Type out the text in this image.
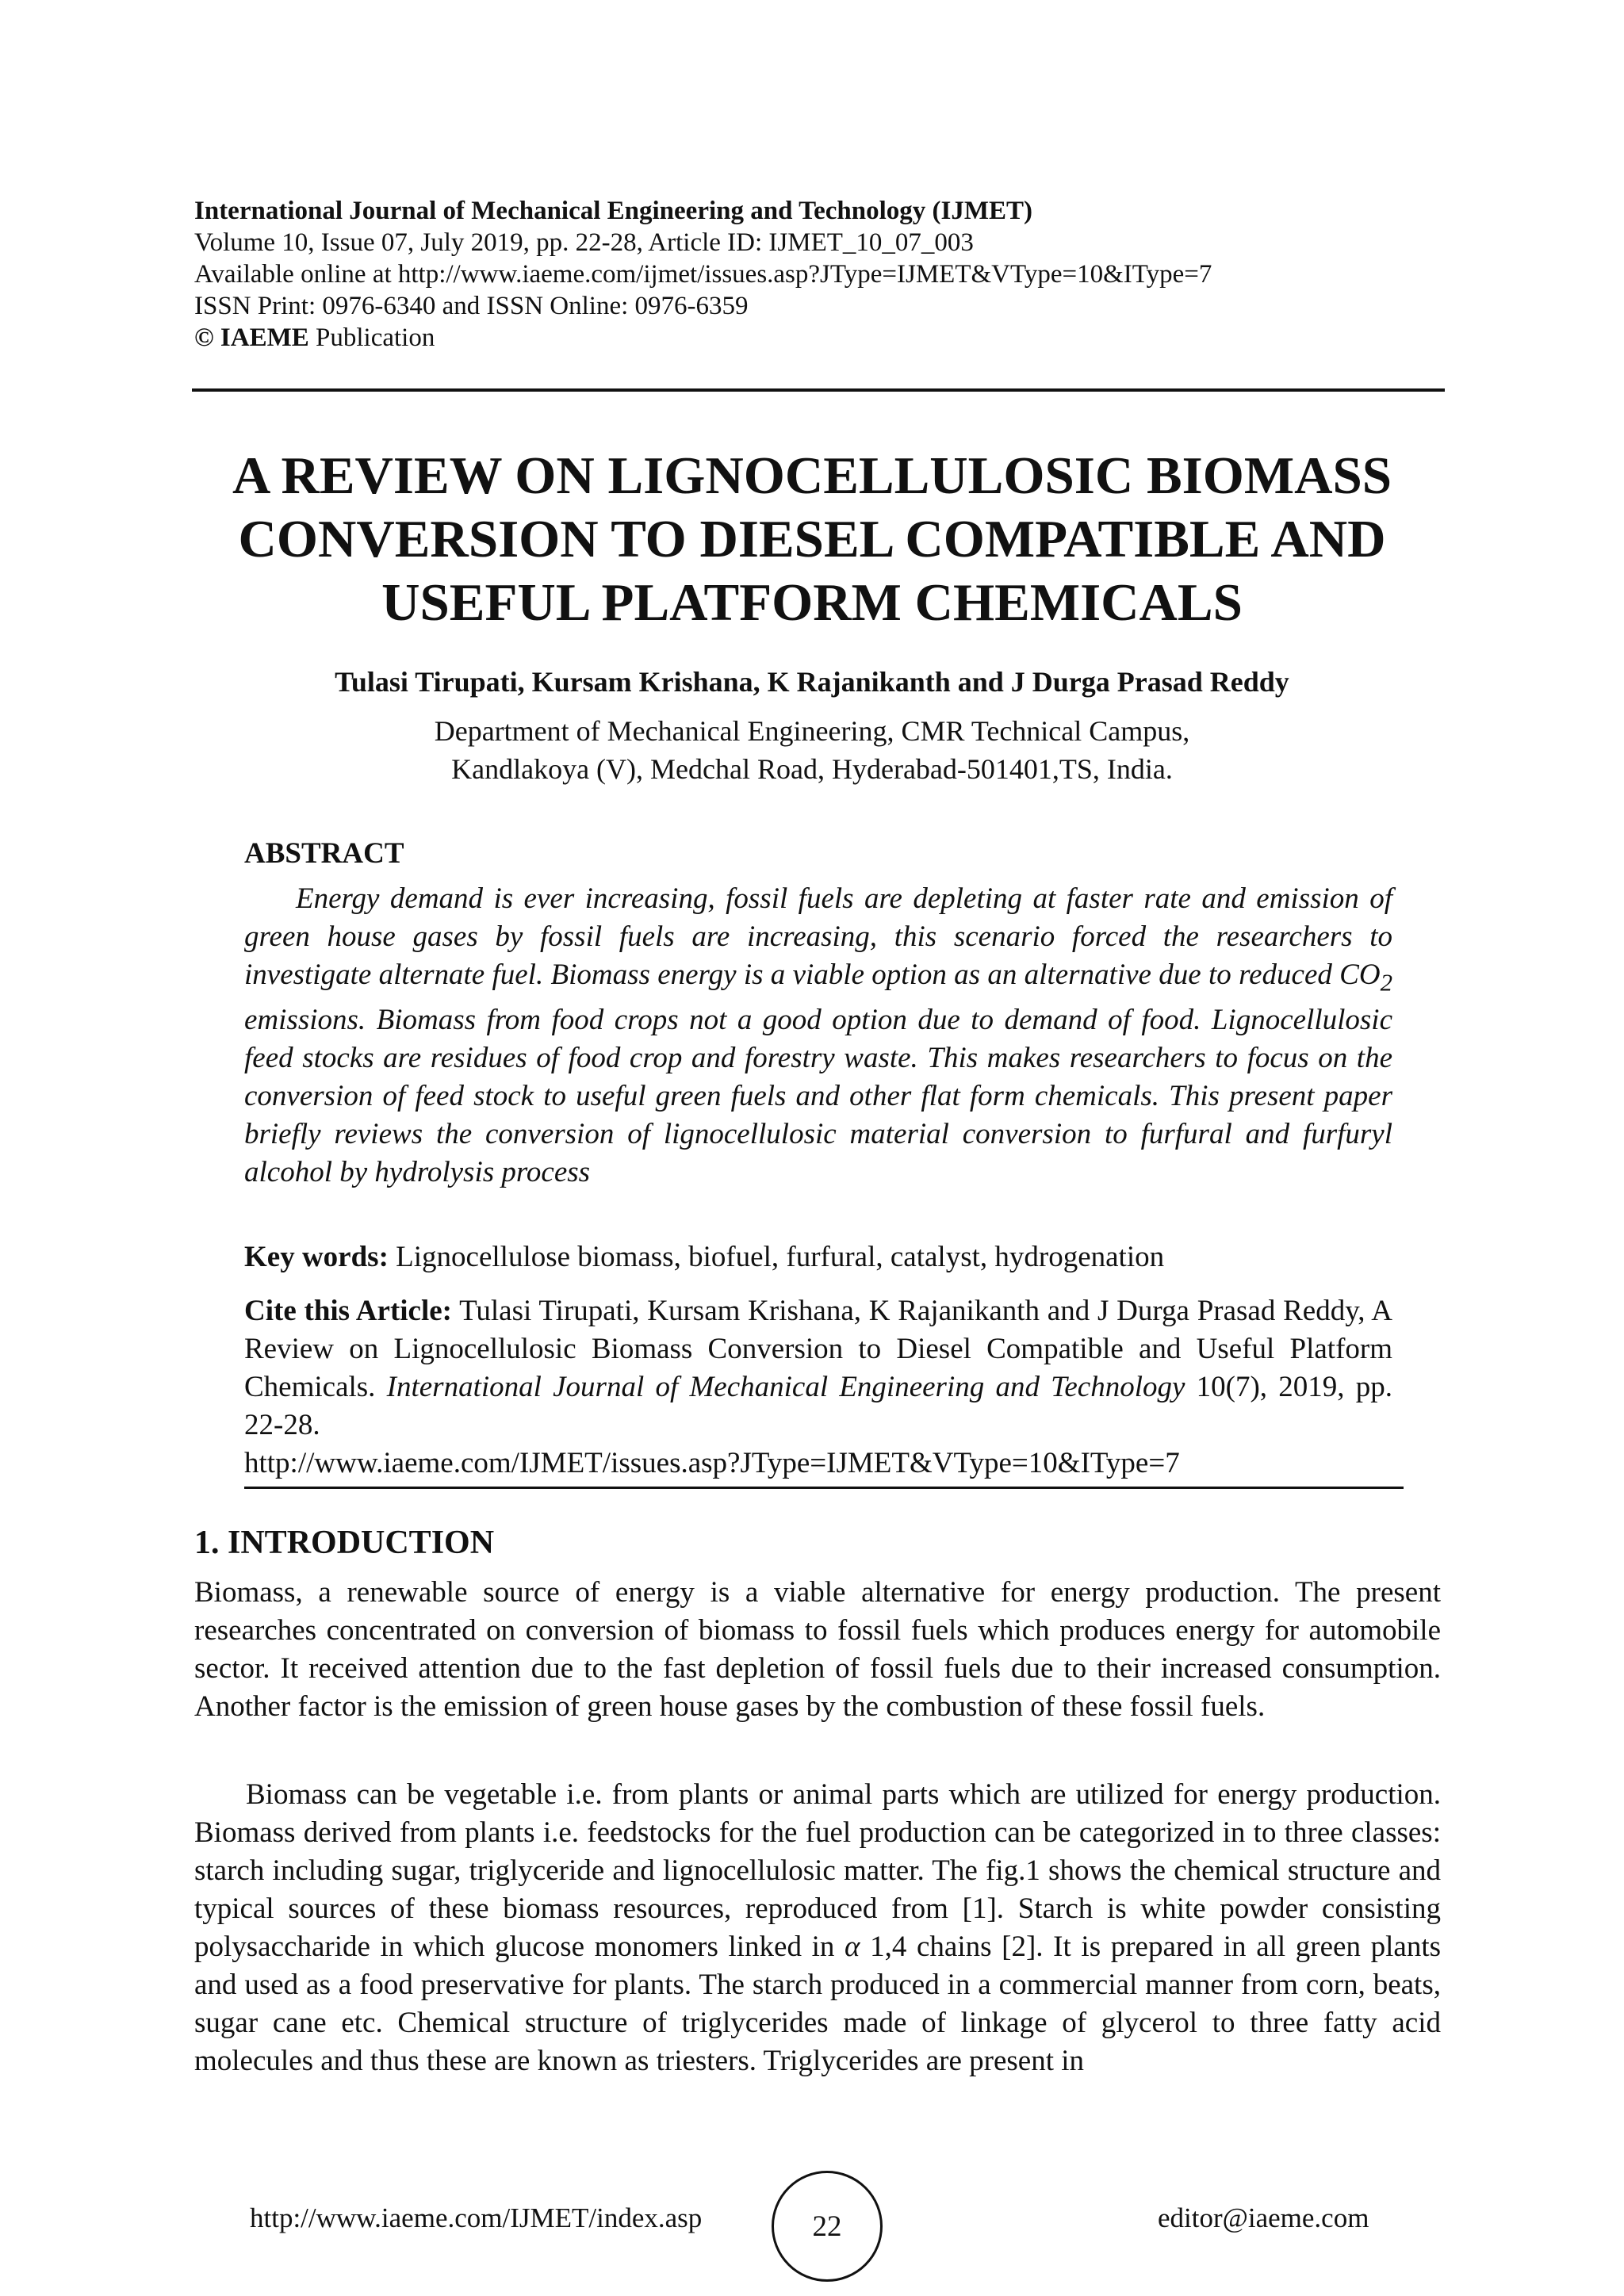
International Journal of Mechanical Engineering and Technology (IJMET)
Volume 10, Issue 07, July 2019, pp. 22-28, Article ID: IJMET_10_07_003
Available online at http://www.iaeme.com/ijmet/issues.asp?JType=IJMET&VType=10&IType=7
ISSN Print: 0976-6340 and ISSN Online: 0976-6359
© IAEME Publication
A REVIEW ON LIGNOCELLULOSIC BIOMASS
CONVERSION TO DIESEL COMPATIBLE AND
USEFUL PLATFORM CHEMICALS
Tulasi Tirupati, Kursam Krishana, K Rajanikanth and J Durga Prasad Reddy
Department of Mechanical Engineering, CMR Technical Campus,
Kandlakoya (V), Medchal Road, Hyderabad-501401,TS, India.
ABSTRACT

Energy demand is ever increasing, fossil fuels are depleting at faster rate and emission of green house gases by fossil fuels are increasing, this scenario forced the researchers to investigate alternate fuel. Biomass energy is a viable option as an alternative due to reduced $CO_2$ emissions. Biomass from food crops not a good option due to demand of food. Lignocellulosic feed stocks are residues of food crop and forestry waste. This makes researchers to focus on the conversion of feed stock to useful green fuels and other flat form chemicals. This present paper briefly reviews the conversion of lignocellulosic material conversion to furfural and furfuryl alcohol by hydrolysis process

Key words: Lignocellulose biomass, biofuel, furfural, catalyst, hydrogenation

Cite this Article: Tulasi Tirupati, Kursam Krishana, K Rajanikanth and J Durga Prasad Reddy, A Review on Lignocellulosic Biomass Conversion to Diesel Compatible and Useful Platform Chemicals. International Journal of Mechanical Engineering and Technology 10(7), 2019, pp. 22-28.
http://www.iaeme.com/IJMET/issues.asp?JType=IJMET&VType=10&IType=7

1. INTRODUCTION

Biomass, a renewable source of energy is a viable alternative for energy production. The present researches concentrated on conversion of biomass to fossil fuels which produces energy for automobile sector. It received attention due to the fast depletion of fossil fuels due to their increased consumption. Another factor is the emission of green house gases by the combustion of these fossil fuels.

Biomass can be vegetable i.e. from plants or animal parts which are utilized for energy production. Biomass derived from plants i.e. feedstocks for the fuel production can be categorized in to three classes: starch including sugar, triglyceride and lignocellulosic matter. The fig.1 shows the chemical structure and typical sources of these biomass resources, reproduced from [1]. Starch is white powder consisting polysaccharide in which glucose monomers linked in α 1,4 chains [2]. It is prepared in all green plants and used as a food preservative for plants. The starch produced in a commercial manner from corn, beats, sugar cane etc. Chemical structure of triglycerides made of linkage of glycerol to three fatty acid molecules and thus these are known as triesters. Triglycerides are present in

http://www.iaeme.com/IJMET/index.asp	22	editor@iaeme.com
